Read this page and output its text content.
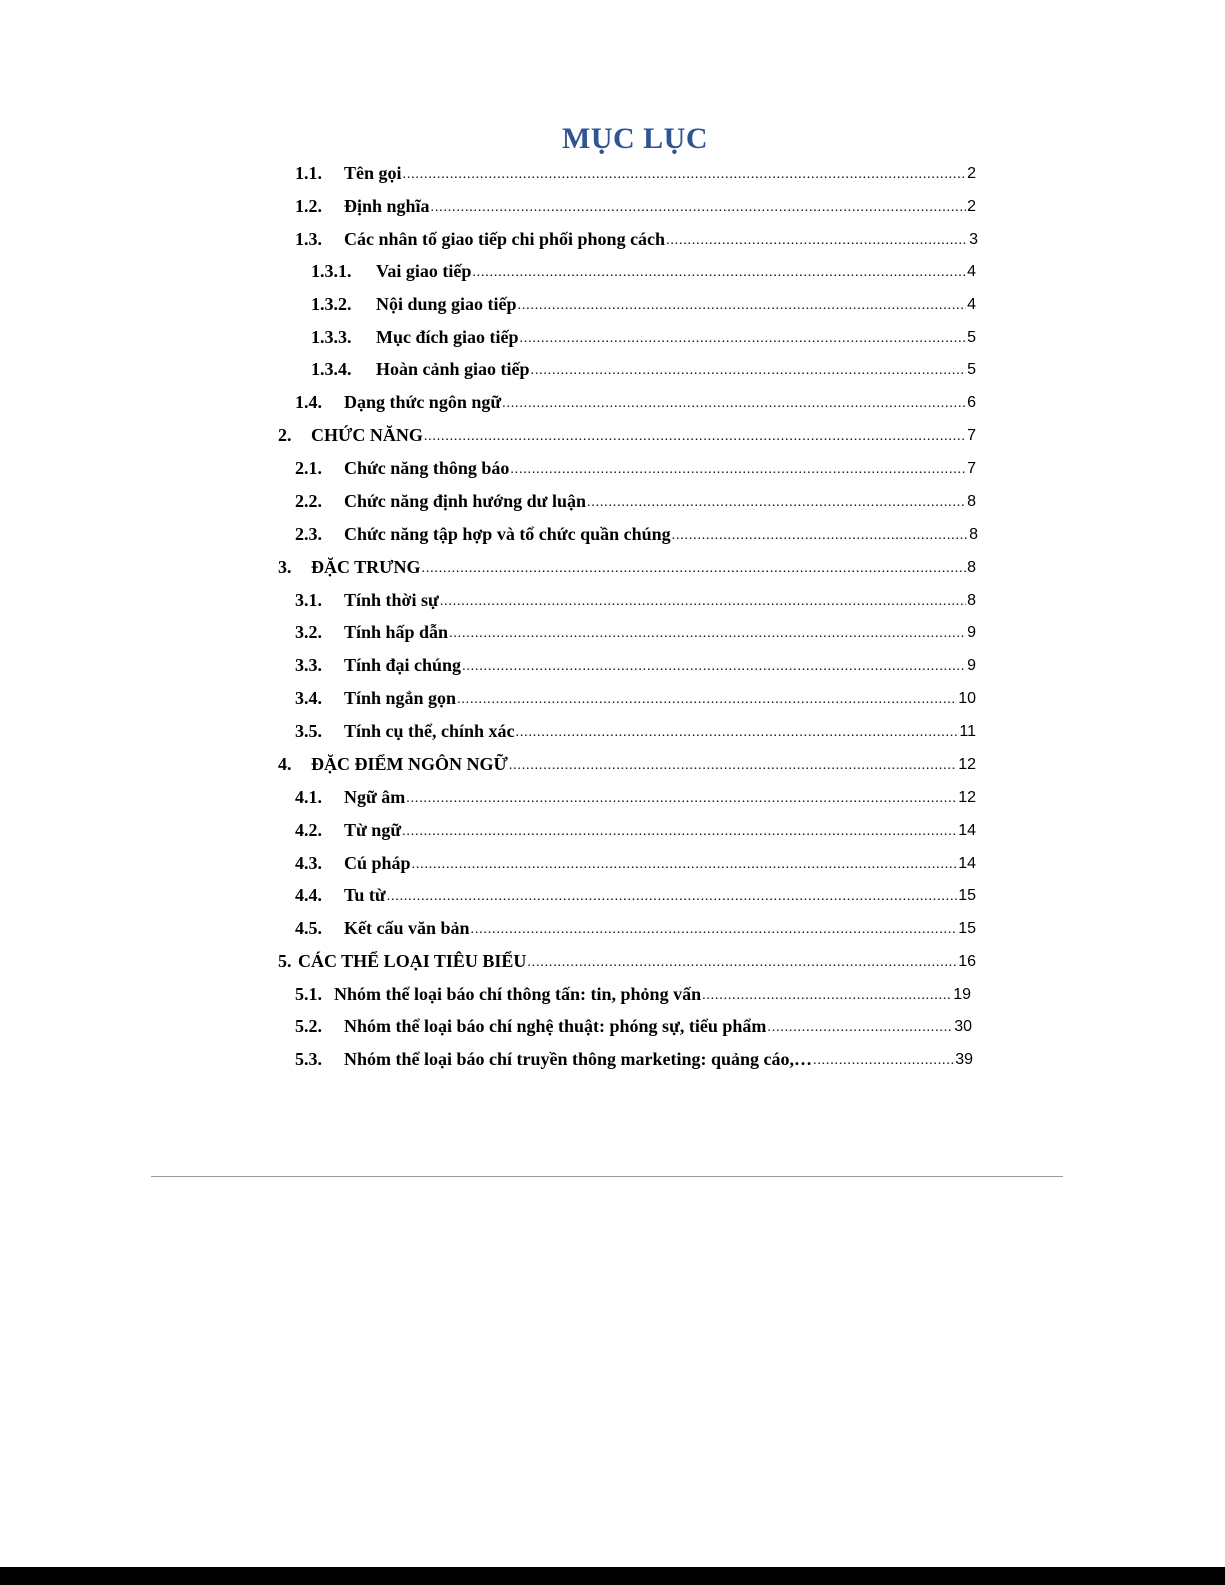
MỤC LỤC
1.1.	Tên gọi .....	2
1.2.	Định nghĩa .....	2
1.3.	Các nhân tố giao tiếp chi phối phong cách .....	3
1.3.1.	Vai giao tiếp .....	4
1.3.2.	Nội dung giao tiếp .....	4
1.3.3.	Mục đích giao tiếp .....	5
1.3.4.	Hoàn cảnh giao tiếp .....	5
1.4.	Dạng thức ngôn ngữ .....	6
2.	CHỨC NĂNG .....	7
2.1.	Chức năng thông báo .....	7
2.2.	Chức năng định hướng dư luận .....	8
2.3.	Chức năng tập hợp và tổ chức quần chúng .....	8
3.	ĐẶC TRƯNG .....	8
3.1.	Tính thời sự .....	8
3.2.	Tính hấp dẫn .....	9
3.3.	Tính đại chúng .....	9
3.4.	Tính ngắn gọn .....	10
3.5.	Tính cụ thể, chính xác .....	11
4.	ĐẶC ĐIỂM NGÔN NGỮ .....	12
4.1.	Ngữ âm .....	12
4.2.	Từ ngữ .....	14
4.3.	Cú pháp .....	14
4.4.	Tu từ .....	15
4.5.	Kết cấu văn bản .....	15
5. CÁC THỂ LOẠI TIÊU BIỂU .....	16
5.1. Nhóm thể loại báo chí thông tấn: tin, phỏng vấn .....	19
5.2.	Nhóm thể loại báo chí nghệ thuật: phóng sự, tiểu phẩm .....	30
5.3.	Nhóm thể loại báo chí truyền thông marketing: quảng cáo,… .....	39
